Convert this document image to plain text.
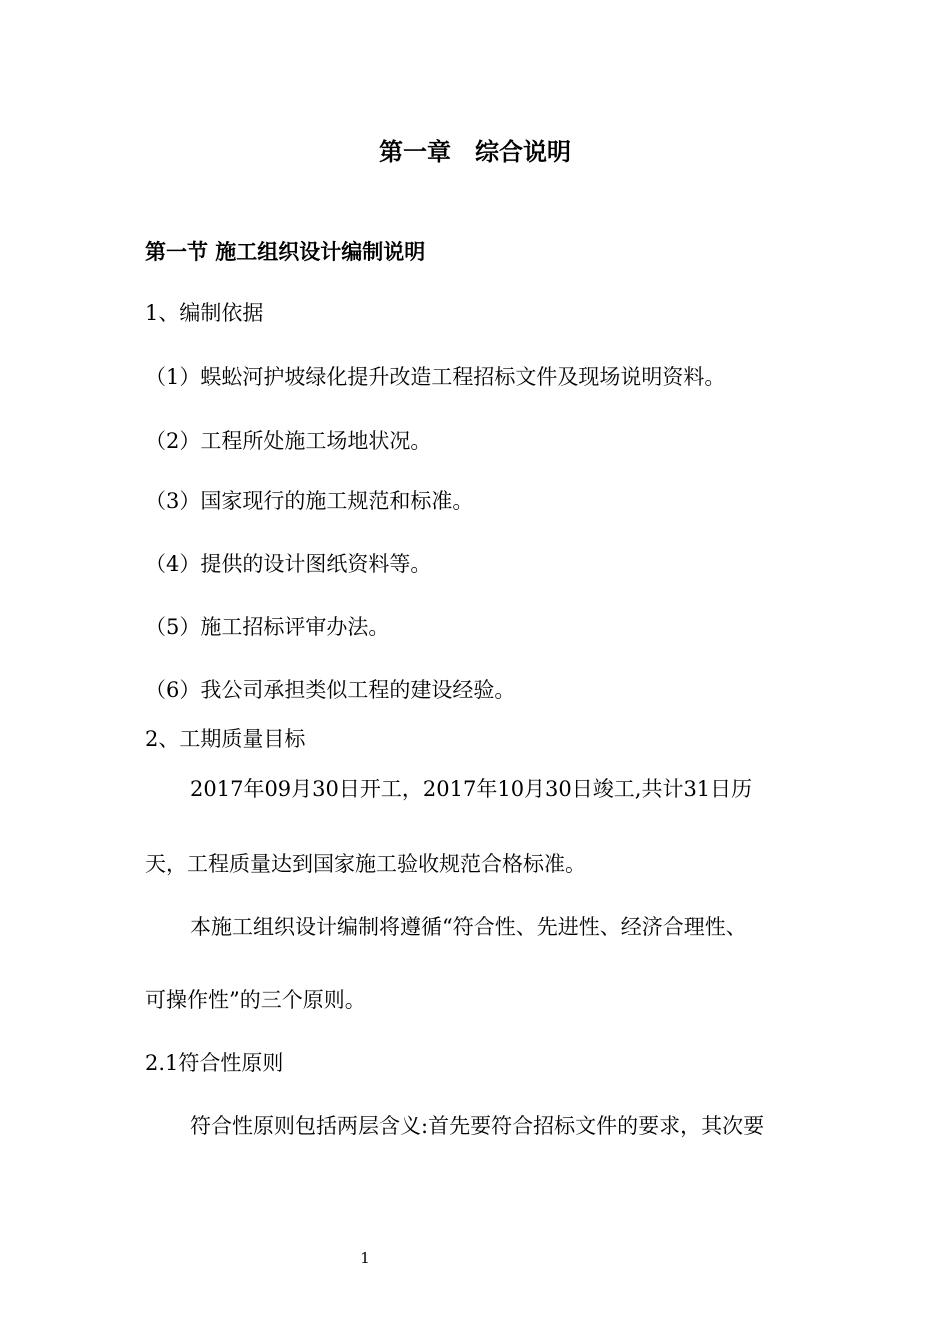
第一章　综合说明
第一节 施工组织设计编制说明
1、编制依据
（1）蜈蚣河护坡绿化提升改造工程招标文件及现场说明资料。
（2）工程所处施工场地状况。
（3）国家现行的施工规范和标准。
（4）提供的设计图纸资料等。
（5）施工招标评审办法。
（6）我公司承担类似工程的建设经验。
2、工期质量目标
2017年09月30日开工，2017年10月30日竣工,共计31日历
天，工程质量达到国家施工验收规范合格标准。
本施工组织设计编制将遵循“符合性、先进性、经济合理性、
可操作性”的三个原则。
2.1符合性原则
符合性原则包括两层含义:首先要符合招标文件的要求，其次要
1
